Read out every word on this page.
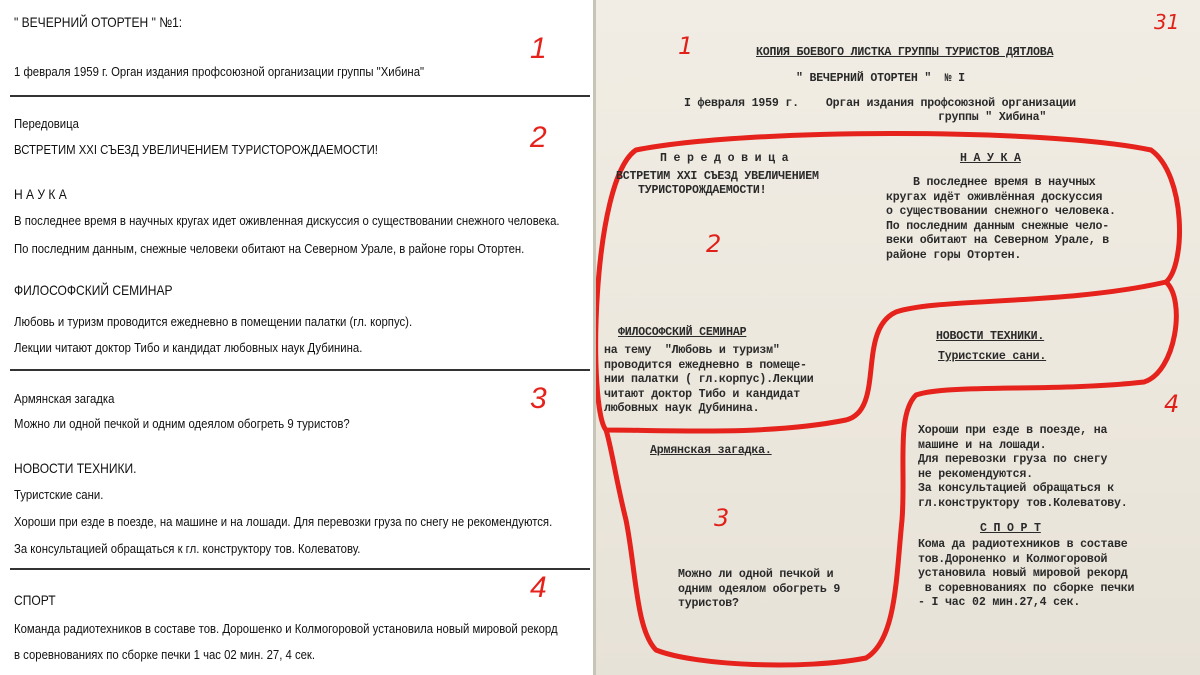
" ВЕЧЕРНИЙ ОТОРТЕН " №1:
1 февраля 1959 г. Орган издания профсоюзной организации группы "Хибина"
Передовица
ВСТРЕТИМ XXI СЪЕЗД УВЕЛИЧЕНИЕМ ТУРИСТОРОЖДАЕМОСТИ!
Н А У К А
В последнее время в научных кругах идет оживленная дискуссия о существовании снежного человека.
По последним данным, снежные человеки обитают на Северном Урале, в районе горы Отортен.
ФИЛОСОФСКИЙ СЕМИНАР
Любовь и туризм проводится ежедневно в помещении палатки (гл. корпус).
Лекции читают доктор Тибо и кандидат любовных наук Дубинина.
Армянская загадка
Можно ли одной печкой и одним одеялом обогреть 9 туристов?
НОВОСТИ ТЕХНИКИ.
Туристские сани.
Хороши при езде в поезде, на машине и на лошади. Для перевозки груза по снегу не рекомендуются.
За консультацией обращаться к гл. конструктору тов. Колеватову.
СПОРТ
Команда радиотехников в составе тов. Дорошенко и Колмогоровой установила новый мировой рекорд
в соревнованиях по сборке печки 1 час 02 мин. 27, 4 сек.
1
2
3
4
31
КОПИЯ БОЕВОГО ЛИСТКА ГРУППЫ ТУРИСТОВ ДЯТЛОВА
" ВЕЧЕРНИЙ ОТОРТЕН "  № I
I февраля 1959 г.    Орган издания профсоюзной организации
группы " Хибина"
П е р е д о в и ц а
ВСТРЕТИМ XXI СЪЕЗД УВЕЛИЧЕНИЕМ
ТУРИСТОРОЖДАЕМОСТИ!
Н А У К А
В последнее время в научных
кругах идёт оживлённая доскуссия
о существовании снежного человека.
По последним данным снежные чело-
веки обитают на Северном Урале, в
районе горы Отортен.
ФИЛОСОФСКИЙ СЕМИНАР
на тему  "Любовь и туризм"
проводится ежедневно в помеще-
нии палатки ( гл.корпус).Лекции
читают доктор Тибо и кандидат
любовных наук Дубинина.
НОВОСТИ ТЕХНИКИ.
Туристские сани.
Армянская загадка.
Хороши при езде в поезде, на
машине и на лошади.
Для перевозки груза по снегу
не рекомендуются.
За консультацией обращаться к
гл.конструктору тов.Колеватову.
С П О Р Т
Кома да радиотехников в составе
тов.Дороненко и Колмогоровой
установила новый мировой рекорд
в соревнованиях по сборке печки
- I час 02 мин.27,4 сек.
Можно ли одной печкой и
одним одеялом обогреть 9
туристов?
1
2
3
4
